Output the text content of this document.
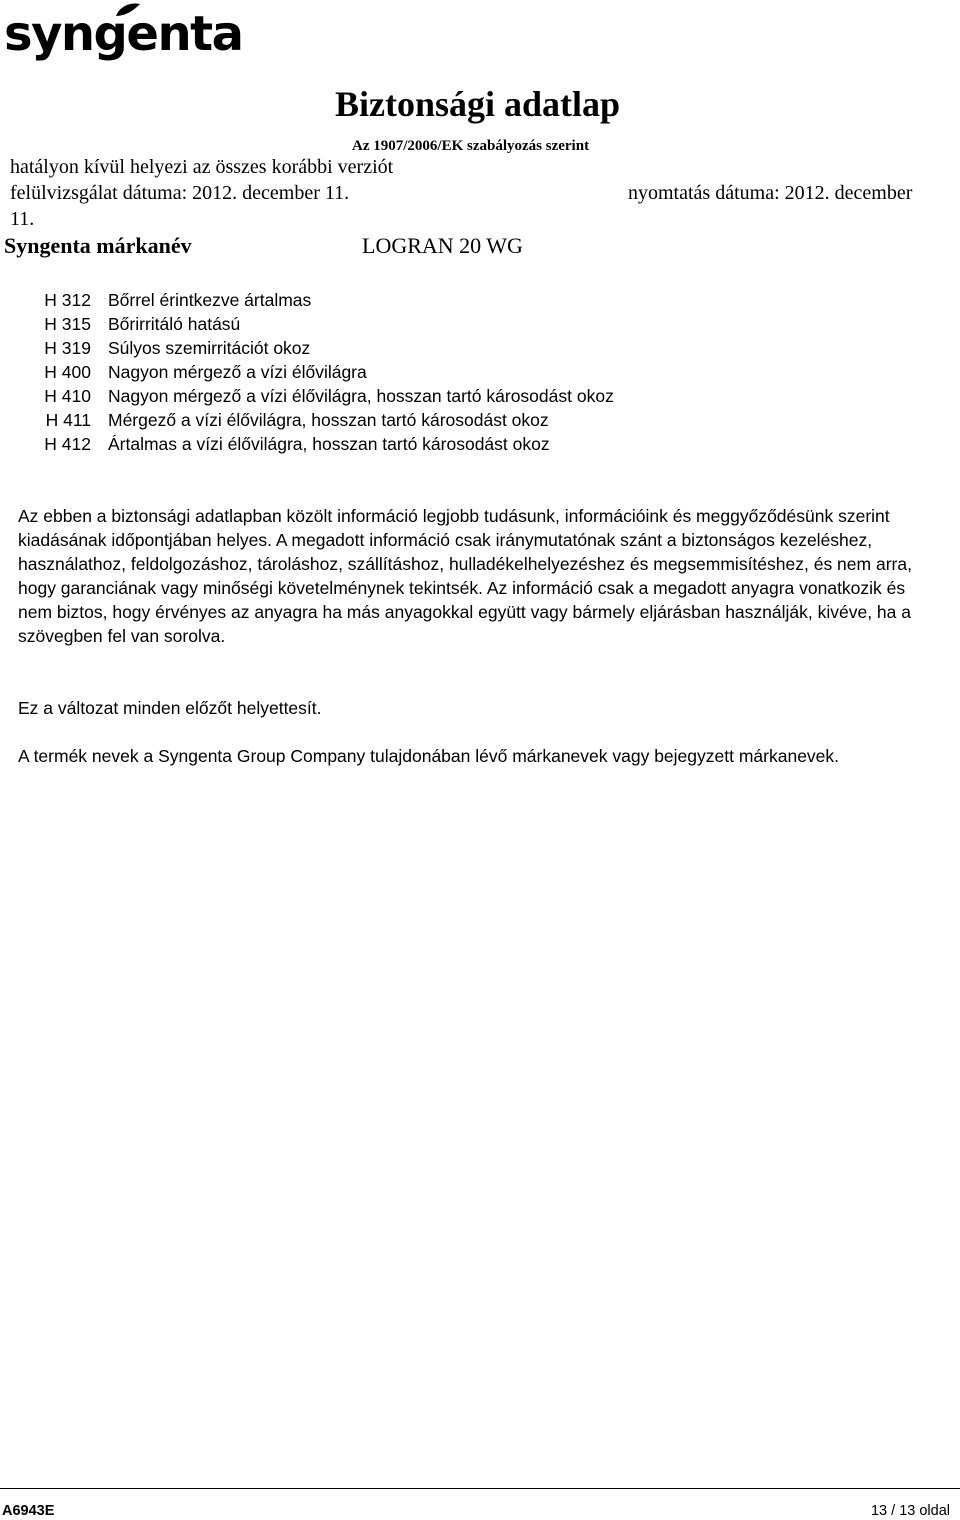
syngenta
Biztonsági adatlap
Az 1907/2006/EK szabályozás szerint
hatályon kívül helyezi az összes korábbi verziót
felülvizsgálat dátuma: 2012. december 11.	nyomtatás dátuma: 2012. december
11.
Syngenta márkanév	LOGRAN 20 WG
H 312	Bőrrel érintkezve ártalmas
H 315	Bőrirritáló hatású
H 319	Súlyos szemirritációt okoz
H 400	Nagyon mérgező a vízi élővilágra
H 410	Nagyon mérgező a vízi élővilágra, hosszan tartó károsodást okoz
H 411	Mérgező a vízi élővilágra, hosszan tartó károsodást okoz
H 412	Ártalmas a vízi élővilágra, hosszan tartó károsodást okoz

Az ebben a biztonsági adatlapban közölt információ legjobb tudásunk, információink és meggyőződésünk szerint kiadásának időpontjában helyes. A megadott információ csak iránymutatónak szánt a biztonságos kezeléshez, használathoz, feldolgozáshoz, tároláshoz, szállításhoz, hulladékelhelyezéshez és megsemmisítéshez, és nem arra, hogy garanciának vagy minőségi követelménynek tekintsék. Az információ csak a megadott anyagra vonatkozik és nem biztos, hogy érvényes az anyagra ha más anyagokkal együtt vagy bármely eljárásban használják, kivéve, ha a szövegben fel van sorolva.

Ez a változat minden előzőt helyettesít.

A termék nevek a Syngenta Group Company tulajdonában lévő márkanevek vagy bejegyzett márkanevek.

A6943E	13 / 13 oldal
